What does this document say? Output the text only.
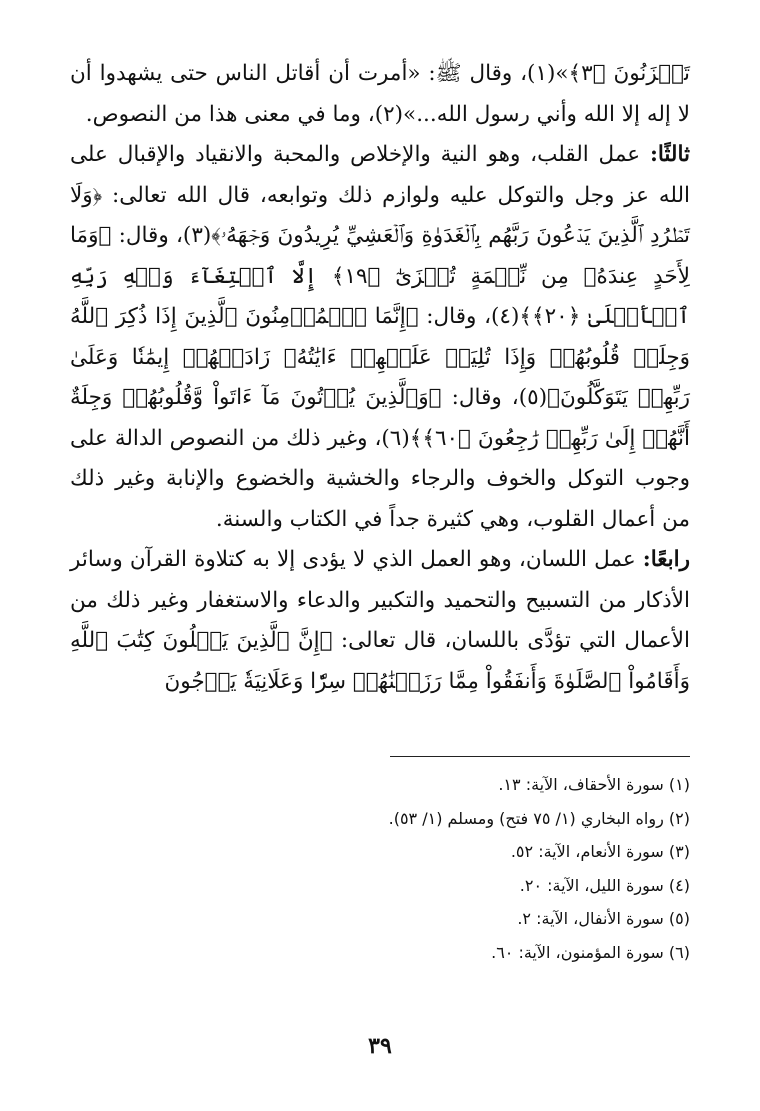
تَحۡزَنُونَ ﴿٣﴾»(١)، وقال ﷺ: «أمرت أن أقاتل الناس حتى يشهدوا أن لا إله إلا الله وأني رسول الله...»(٢)، وما في معنى هذا من النصوص.

ثالثًا: عمل القلب، وهو النية والإخلاص والمحبة والانقياد والإقبال على الله عز وجل والتوكل عليه ولوازم ذلك وتوابعه، قال الله تعالى: ﴿وَلَا تَطۡرُدِ ٱلَّذِينَ يَدۡعُونَ رَبَّهُم بِٱلۡغَدَوٰةِ وَٱلۡعَشِيِّ يُرِيدُونَ وَجۡهَهُۥ﴾(٣)، وقال: ﴿وَمَا لِأَحَدٍ عِندَهُۥ مِن نِّعۡمَةٍ تُجۡزَىٰٓ ﴿١٩﴾ إِلَّا ٱبۡتِغَآءَ وَجۡهِ رَبِّهِ ٱلۡأَعۡلَىٰ ﴿٢٠﴾﴾(٤)، وقال: ﴿إِنَّمَا ٱلۡمُؤۡمِنُونَ ٱلَّذِينَ إِذَا ذُكِرَ ٱللَّهُ وَجِلَتۡ قُلُوبُهُمۡ وَإِذَا تُلِيَتۡ عَلَيۡهِمۡ ءَايَٰتُهُۥ زَادَتۡهُمۡ إِيمَٰنٗا وَعَلَىٰ رَبِّهِمۡ يَتَوَكَّلُونَ﴾(٥)، وقال: ﴿وَٱلَّذِينَ يُؤۡتُونَ مَآ ءَاتَواْ وَّقُلُوبُهُمۡ وَجِلَةٌ أَنَّهُمۡ إِلَىٰ رَبِّهِمۡ رَٰجِعُونَ ﴿٦٠﴾﴾(٦)، وغير ذلك من النصوص الدالة على وجوب التوكل والخوف والرجاء والخشية والخضوع والإنابة وغير ذلك من أعمال القلوب، وهي كثيرة جداً في الكتاب والسنة.

رابعًا: عمل اللسان، وهو العمل الذي لا يؤدى إلا به كتلاوة القرآن وسائر الأذكار من التسبيح والتحميد والتكبير والدعاء والاستغفار وغير ذلك من الأعمال التي تؤدَّى باللسان، قال تعالى: ﴿إِنَّ ٱلَّذِينَ يَتۡلُونَ كِتَٰبَ ٱللَّهِ وَأَقَامُواْ ٱلصَّلَوٰةَ وَأَنفَقُواْ مِمَّا رَزَقۡنَٰهُمۡ سِرّٗا وَعَلَانِيَةٗ يَرۡجُونَ

(١) سورة الأحقاف، الآية: ١٣.
(٢) رواه البخاري (١/ ٧٥ فتح) ومسلم (١/ ٥٣).
(٣) سورة الأنعام، الآية: ٥٢.
(٤) سورة الليل، الآية: ٢٠.
(٥) سورة الأنفال، الآية: ٢.
(٦) سورة المؤمنون، الآية: ٦٠.
٣٩
